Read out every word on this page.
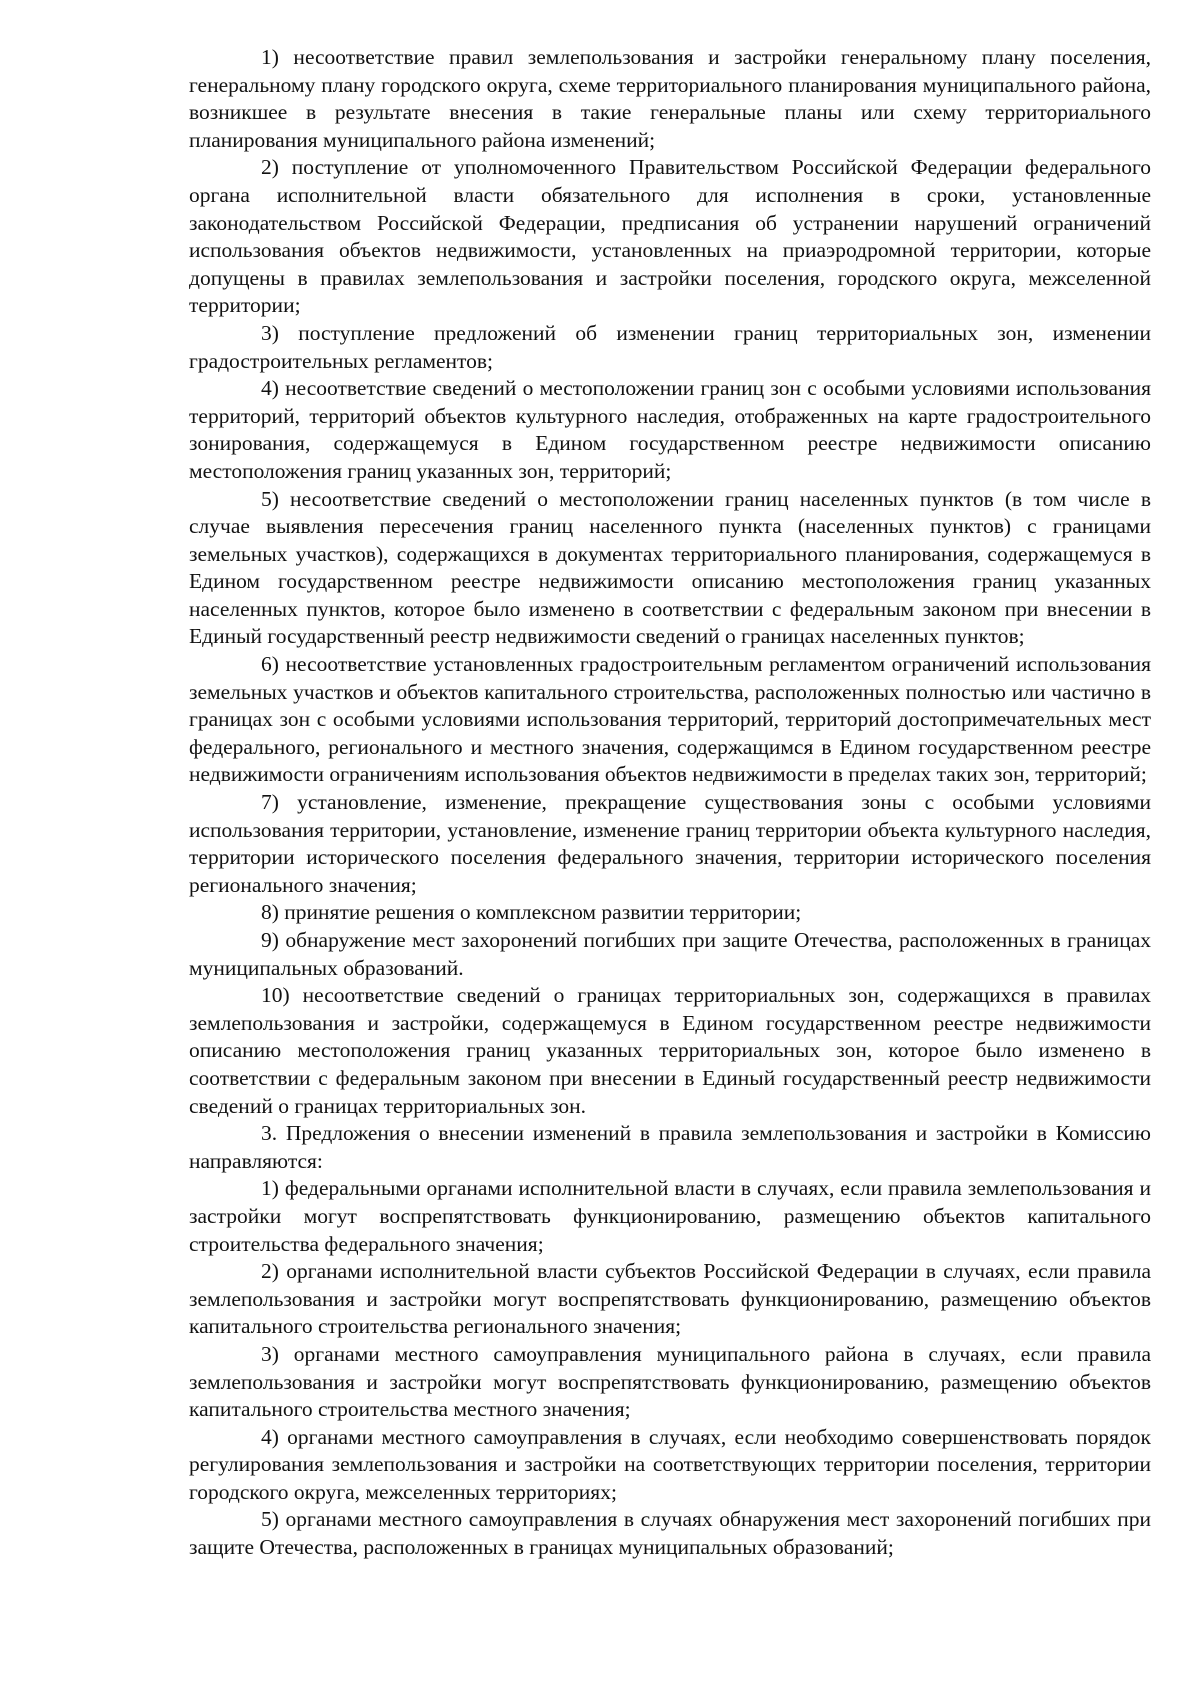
1) несоответствие правил землепользования и застройки генеральному плану поселения, генеральному плану городского округа, схеме территориального планирования муниципального района, возникшее в результате внесения в такие генеральные планы или схему территориального планирования муниципального района изменений;

2) поступление от уполномоченного Правительством Российской Федерации федерального органа исполнительной власти обязательного для исполнения в сроки, установленные законодательством Российской Федерации, предписания об устранении нарушений ограничений использования объектов недвижимости, установленных на приаэродромной территории, которые допущены в правилах землепользования и застройки поселения, городского округа, межселенной территории;

3) поступление предложений об изменении границ территориальных зон, изменении градостроительных регламентов;

4) несоответствие сведений о местоположении границ зон с особыми условиями использования территорий, территорий объектов культурного наследия, отображенных на карте градостроительного зонирования, содержащемуся в Едином государственном реестре недвижимости описанию местоположения границ указанных зон, территорий;

5) несоответствие сведений о местоположении границ населенных пунктов (в том числе в случае выявления пересечения границ населенного пункта (населенных пунктов) с границами земельных участков), содержащихся в документах территориального планирования, содержащемуся в Едином государственном реестре недвижимости описанию местоположения границ указанных населенных пунктов, которое было изменено в соответствии с федеральным законом при внесении в Единый государственный реестр недвижимости сведений о границах населенных пунктов;

6) несоответствие установленных градостроительным регламентом ограничений использования земельных участков и объектов капитального строительства, расположенных полностью или частично в границах зон с особыми условиями использования территорий, территорий достопримечательных мест федерального, регионального и местного значения, содержащимся в Едином государственном реестре недвижимости ограничениям использования объектов недвижимости в пределах таких зон, территорий;

7) установление, изменение, прекращение существования зоны с особыми условиями использования территории, установление, изменение границ территории объекта культурного наследия, территории исторического поселения федерального значения, территории исторического поселения регионального значения;

8) принятие решения о комплексном развитии территории;

9) обнаружение мест захоронений погибших при защите Отечества, расположенных в границах муниципальных образований.

10) несоответствие сведений о границах территориальных зон, содержащихся в правилах землепользования и застройки, содержащемуся в Едином государственном реестре недвижимости описанию местоположения границ указанных территориальных зон, которое было изменено в соответствии с федеральным законом при внесении в Единый государственный реестр недвижимости сведений о границах территориальных зон.

3. Предложения о внесении изменений в правила землепользования и застройки в Комиссию направляются:

1) федеральными органами исполнительной власти в случаях, если правила землепользования и застройки могут воспрепятствовать функционированию, размещению объектов капитального строительства федерального значения;

2) органами исполнительной власти субъектов Российской Федерации в случаях, если правила землепользования и застройки могут воспрепятствовать функционированию, размещению объектов капитального строительства регионального значения;

3) органами местного самоуправления муниципального района в случаях, если правила землепользования и застройки могут воспрепятствовать функционированию, размещению объектов капитального строительства местного значения;

4) органами местного самоуправления в случаях, если необходимо совершенствовать порядок регулирования землепользования и застройки на соответствующих территории поселения, территории городского округа, межселенных территориях;

5) органами местного самоуправления в случаях обнаружения мест захоронений погибших при защите Отечества, расположенных в границах муниципальных образований;
